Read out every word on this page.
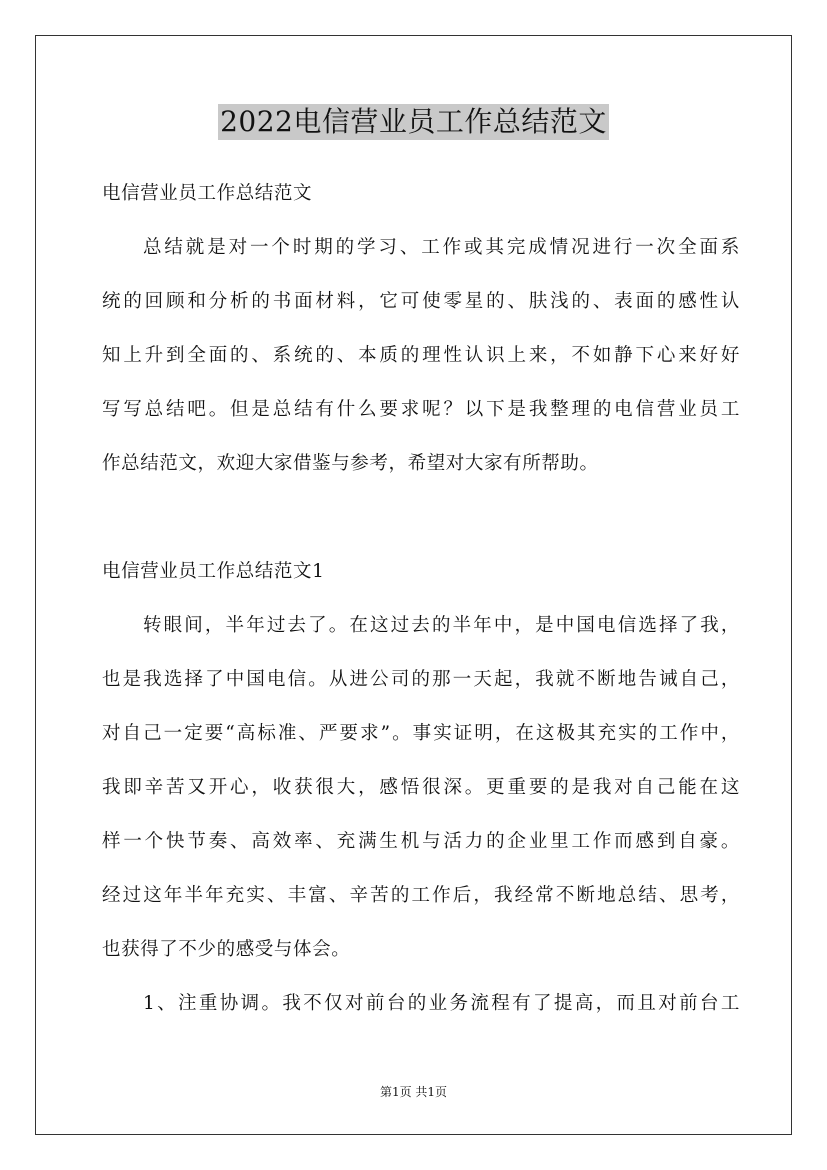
2022电信营业员工作总结范文
电信营业员工作总结范文
总结就是对一个时期的学习、工作或其完成情况进行一次全面系
统的回顾和分析的书面材料，它可使零星的、肤浅的、表面的感性认
知上升到全面的、系统的、本质的理性认识上来，不如静下心来好好
写写总结吧。但是总结有什么要求呢？以下是我整理的电信营业员工
作总结范文，欢迎大家借鉴与参考，希望对大家有所帮助。
电信营业员工作总结范文1
转眼间，半年过去了。在这过去的半年中，是中国电信选择了我，
也是我选择了中国电信。从进公司的那一天起，我就不断地告诫自己，
对自己一定要“高标准、严要求”。事实证明，在这极其充实的工作中，
我即辛苦又开心，收获很大，感悟很深。更重要的是我对自己能在这
样一个快节奏、高效率、充满生机与活力的企业里工作而感到自豪。
经过这年半年充实、丰富、辛苦的工作后，我经常不断地总结、思考，
也获得了不少的感受与体会。
1、注重协调。我不仅对前台的业务流程有了提高，而且对前台工
第1页 共1页
